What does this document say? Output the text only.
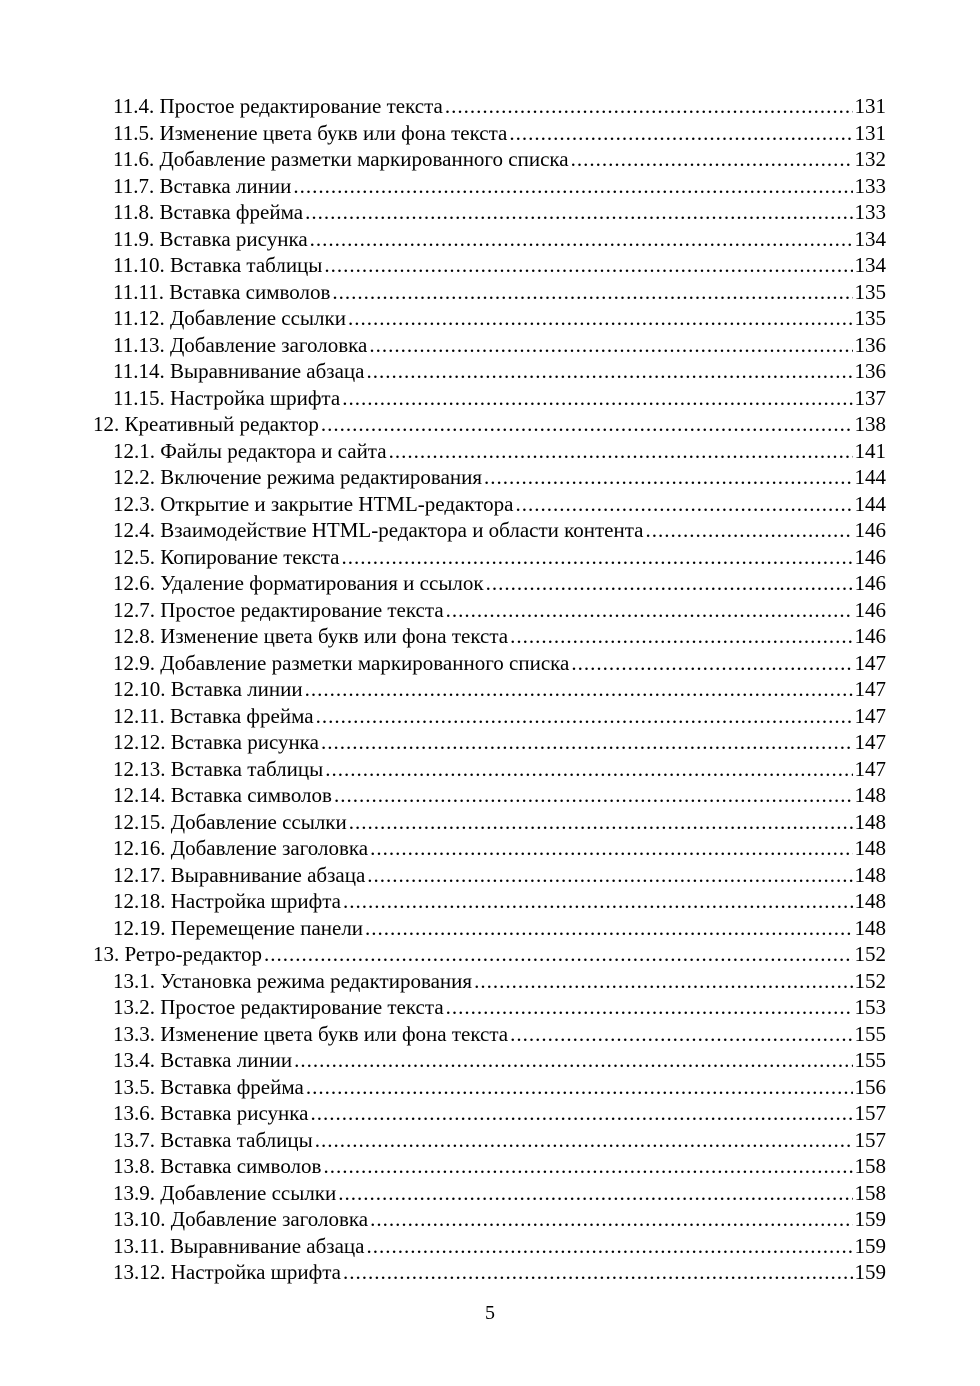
11.4. Простое редактирование текста .....	131
11.5. Изменение цвета букв или фона текста .....	131
11.6. Добавление разметки маркированного списка .....	132
11.7. Вставка линии .....	133
11.8. Вставка фрейма .....	133
11.9. Вставка рисунка .....	134
11.10. Вставка таблицы .....	134
11.11. Вставка символов .....	135
11.12. Добавление ссылки .....	135
11.13. Добавление заголовка .....	136
11.14. Выравнивание абзаца .....	136
11.15. Настройка шрифта .....	137
12. Креативный редактор .....	138
12.1. Файлы редактора и сайта .....	141
12.2. Включение режима редактирования .....	144
12.3. Открытие и закрытие HTML-редактора .....	144
12.4. Взаимодействие HTML-редактора и области контента .....	146
12.5. Копирование текста .....	146
12.6. Удаление форматирования и ссылок .....	146
12.7. Простое редактирование текста .....	146
12.8. Изменение цвета букв или фона текста .....	146
12.9. Добавление разметки маркированного списка .....	147
12.10. Вставка линии .....	147
12.11. Вставка фрейма .....	147
12.12. Вставка рисунка .....	147
12.13. Вставка таблицы .....	147
12.14. Вставка символов .....	148
12.15. Добавление ссылки .....	148
12.16. Добавление заголовка .....	148
12.17. Выравнивание абзаца .....	148
12.18. Настройка шрифта .....	148
12.19. Перемещение панели .....	148
13. Ретро-редактор .....	152
13.1. Установка режима редактирования .....	152
13.2. Простое редактирование текста .....	153
13.3. Изменение цвета букв или фона текста .....	155
13.4. Вставка линии .....	155
13.5. Вставка фрейма .....	156
13.6. Вставка рисунка .....	157
13.7. Вставка таблицы .....	157
13.8. Вставка символов .....	158
13.9. Добавление ссылки .....	158
13.10. Добавление заголовка .....	159
13.11. Выравнивание абзаца .....	159
13.12. Настройка шрифта .....	159
5
